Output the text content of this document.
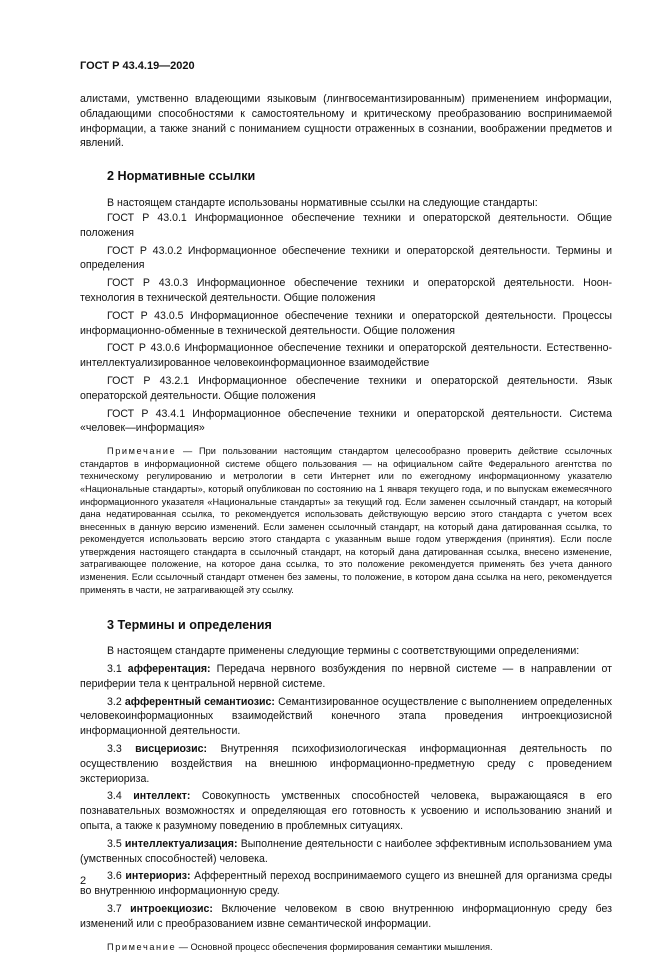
ГОСТ Р 43.4.19—2020

алистами, умственно владеющими языковым (лингвосемантизированным) применением информации, обладающими способностями к самостоятельному и критическому преобразованию воспринимаемой информации, а также знаний с пониманием сущности отраженных в сознании, воображении предметов и явлений.

2 Нормативные ссылки

В настоящем стандарте использованы нормативные ссылки на следующие стандарты:

ГОСТ Р 43.0.1 Информационное обеспечение техники и операторской деятельности. Общие положения

ГОСТ Р 43.0.2 Информационное обеспечение техники и операторской деятельности. Термины и определения

ГОСТ Р 43.0.3 Информационное обеспечение техники и операторской деятельности. Ноон-технология в технической деятельности. Общие положения

ГОСТ Р 43.0.5 Информационное обеспечение техники и операторской деятельности. Процессы информационно-обменные в технической деятельности. Общие положения

ГОСТ Р 43.0.6 Информационное обеспечение техники и операторской деятельности. Естественно-интеллектуализированное человекоинформационное взаимодействие

ГОСТ Р 43.2.1 Информационное обеспечение техники и операторской деятельности. Язык операторской деятельности. Общие положения

ГОСТ Р 43.4.1 Информационное обеспечение техники и операторской деятельности. Система «человек—информация»

Примечание — При пользовании настоящим стандартом целесообразно проверить действие ссылочных стандартов в информационной системе общего пользования — на официальном сайте Федерального агентства по техническому регулированию и метрологии в сети Интернет или по ежегодному информационному указателю «Национальные стандарты», который опубликован по состоянию на 1 января текущего года, и по выпускам ежемесячного информационного указателя «Национальные стандарты» за текущий год. Если заменен ссылочный стандарт, на который дана недатированная ссылка, то рекомендуется использовать действующую версию этого стандарта с учетом всех внесенных в данную версию изменений. Если заменен ссылочный стандарт, на который дана датированная ссылка, то рекомендуется использовать версию этого стандарта с указанным выше годом утверждения (принятия). Если после утверждения настоящего стандарта в ссылочный стандарт, на который дана датированная ссылка, внесено изменение, затрагивающее положение, на которое дана ссылка, то это положение рекомендуется применять без учета данного изменения. Если ссылочный стандарт отменен без замены, то положение, в котором дана ссылка на него, рекомендуется применять в части, не затрагивающей эту ссылку.

3 Термины и определения

В настоящем стандарте применены следующие термины с соответствующими определениями:

3.1 афферентация: Передача нервного возбуждения по нервной системе — в направлении от периферии тела к центральной нервной системе.

3.2 афферентный семантиозис: Семантизированное осуществление с выполнением определенных человекоинформационных взаимодействий конечного этапа проведения интроекциозисной информационной деятельности.

3.3 висцериозис: Внутренняя психофизиологическая информационная деятельность по осуществлению воздействия на внешнюю информационно-предметную среду с проведением экстериоризa.

3.4 интеллект: Совокупность умственных способностей человека, выражающаяся в его познавательных возможностях и определяющая его готовность к усвоению и использованию знаний и опыта, а также к разумному поведению в проблемных ситуациях.

3.5 интеллектуализация: Выполнение деятельности с наиболее эффективным использованием ума (умственных способностей) человека.

3.6 интериориз: Афферентный переход воспринимаемого сущего из внешней для организма среды во внутреннюю информационную среду.

3.7 интроекциозис: Включение человеком в свою внутреннюю информационную среду без изменений или с преобразованием извне семантической информации.

Примечание — Основной процесс обеспечения формирования семантики мышления.

2
